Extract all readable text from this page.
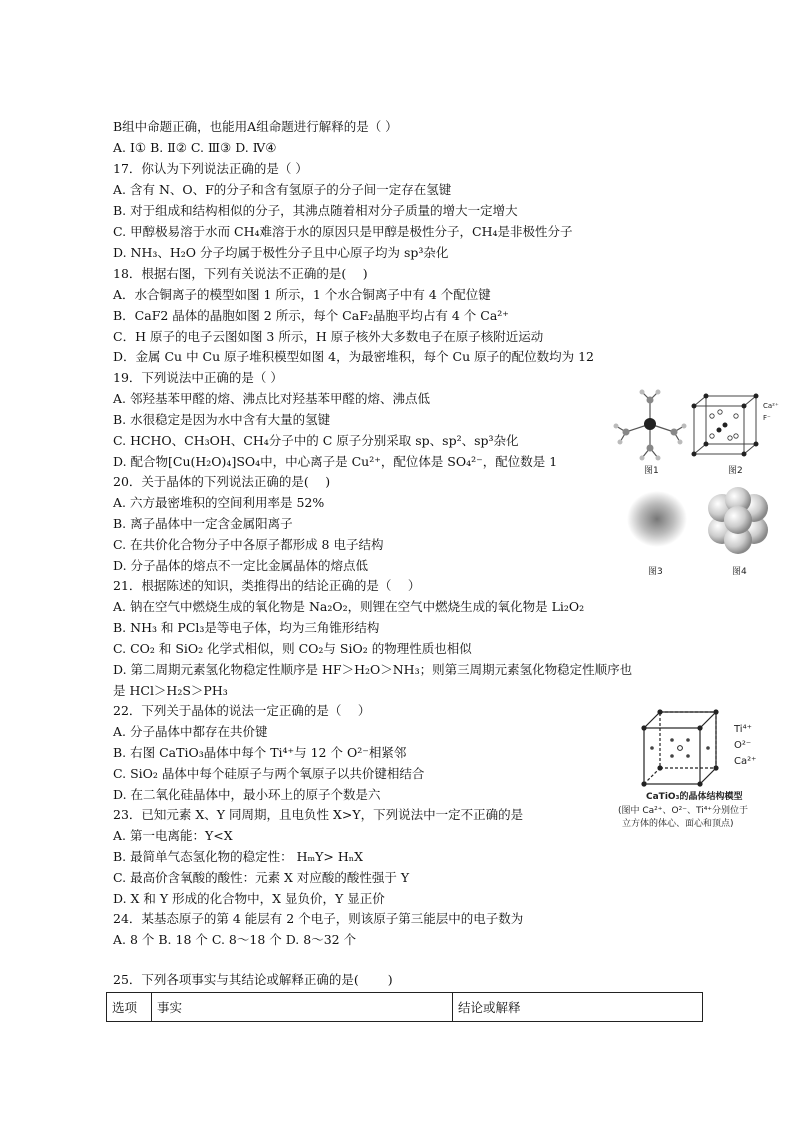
B组中命题正确，也能用A组命题进行解释的是（ ）
A. Ⅰ① B. Ⅱ② C. Ⅲ③ D. Ⅳ④
17．你认为下列说法正确的是（ ）
A. 含有 N、O、F的分子和含有氢原子的分子间一定存在氢键
B. 对于组成和结构相似的分子，其沸点随着相对分子质量的增大一定增大
C. 甲醇极易溶于水而 CH₄难溶于水的原因只是甲醇是极性分子，CH₄是非极性分子
D. NH₃、H₂O 分子均属于极性分子且中心原子均为 sp³杂化
18．根据右图，下列有关说法不正确的是(　 )
A．水合铜离子的模型如图 1 所示，1 个水合铜离子中有 4 个配位键
B．CaF2 晶体的晶胞如图 2 所示，每个 CaF₂晶胞平均占有 4 个 Ca²⁺
C．H 原子的电子云图如图 3 所示，H 原子核外大多数电子在原子核附近运动
D．金属 Cu 中 Cu 原子堆积模型如图 4，为最密堆积，每个 Cu 原子的配位数均为 12
19．下列说法中正确的是（ ）
A. 邻羟基苯甲醛的熔、沸点比对羟基苯甲醛的熔、沸点低
B. 水很稳定是因为水中含有大量的氢键
C. HCHO、CH₃OH、CH₄分子中的 C 原子分别采取 sp、sp²、sp³杂化
D. 配合物[Cu(H₂O)₄]SO₄中，中心离子是 Cu²⁺，配位体是 SO₄²⁻，配位数是 1
20．关于晶体的下列说法正确的是(　 )
A. 六方最密堆积的空间利用率是 52%
B. 离子晶体中一定含金属阳离子
C. 在共价化合物分子中各原子都形成 8 电子结构
D. 分子晶体的熔点不一定比金属晶体的熔点低
21．根据陈述的知识，类推得出的结论正确的是（　 ）
A. 钠在空气中燃烧生成的氧化物是 Na₂O₂，则锂在空气中燃烧生成的氧化物是 Li₂O₂
B. NH₃ 和 PCl₃是等电子体，均为三角锥形结构
C. CO₂ 和 SiO₂ 化学式相似，则 CO₂与 SiO₂ 的物理性质也相似
D. 第二周期元素氢化物稳定性顺序是 HF＞H₂O＞NH₃；则第三周期元素氢化物稳定性顺序也
是 HCl＞H₂S＞PH₃
22．下列关于晶体的说法一定正确的是（　 ）
A. 分子晶体中都存在共价键
B. 右图 CaTiO₃晶体中每个 Ti⁴⁺与 12 个 O²⁻相紧邻
C. SiO₂ 晶体中每个硅原子与两个氧原子以共价键相结合
D. 在二氧化硅晶体中，最小环上的原子个数是六
23．已知元素 X、Y 同周期，且电负性 X>Y，下列说法中一定不正确的是
A. 第一电离能：Y<X
B. 最简单气态氢化物的稳定性： HₘY> HₙX
C. 最高价含氧酸的酸性：元素 X 对应酸的酸性强于 Y
D. X 和 Y 形成的化合物中，X 显负价，Y 显正价
24．某基态原子的第 4 能层有 2 个电子，则该原子第三能层中的电子数为
A. 8 个 B. 18 个 C. 8～18 个 D. 8～32 个
25．下列各项事实与其结论或解释正确的是(　　 )
图1
Ca²⁺
F⁻
图2
图3	图4
Ti⁴⁺
O²⁻
Ca²⁺
CaTiO₃的晶体结构模型
(图中 Ca²⁺、O²⁻、Ti⁴⁺分别位于
立方体的体心、面心和顶点)
选项	事实	结论或解释
